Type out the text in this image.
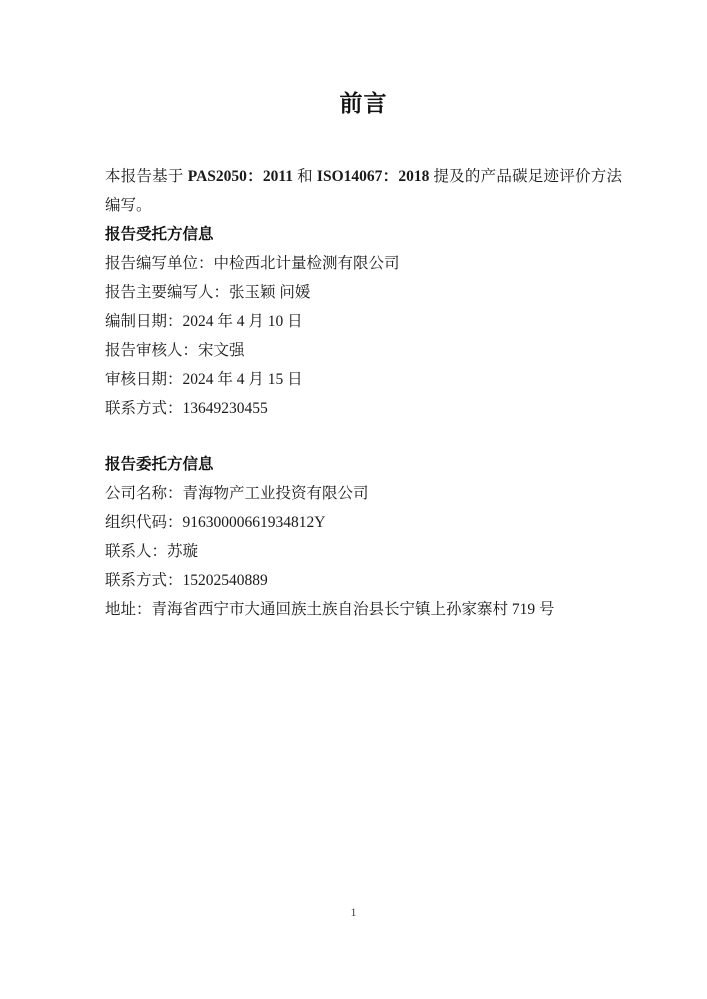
前言

本报告基于 PAS2050：2011 和 ISO14067：2018 提及的产品碳足迹评价方法编写。

报告受托方信息
报告编写单位：中检西北计量检测有限公司
报告主要编写人：张玉颖 问媛
编制日期：2024 年 4 月 10 日
报告审核人：宋文强
审核日期：2024 年 4 月 15 日
联系方式：13649230455
报告委托方信息
公司名称：青海物产工业投资有限公司
组织代码：91630000661934812Y
联系人：苏璇
联系方式：15202540889
地址：青海省西宁市大通回族土族自治县长宁镇上孙家寨村 719 号
1
